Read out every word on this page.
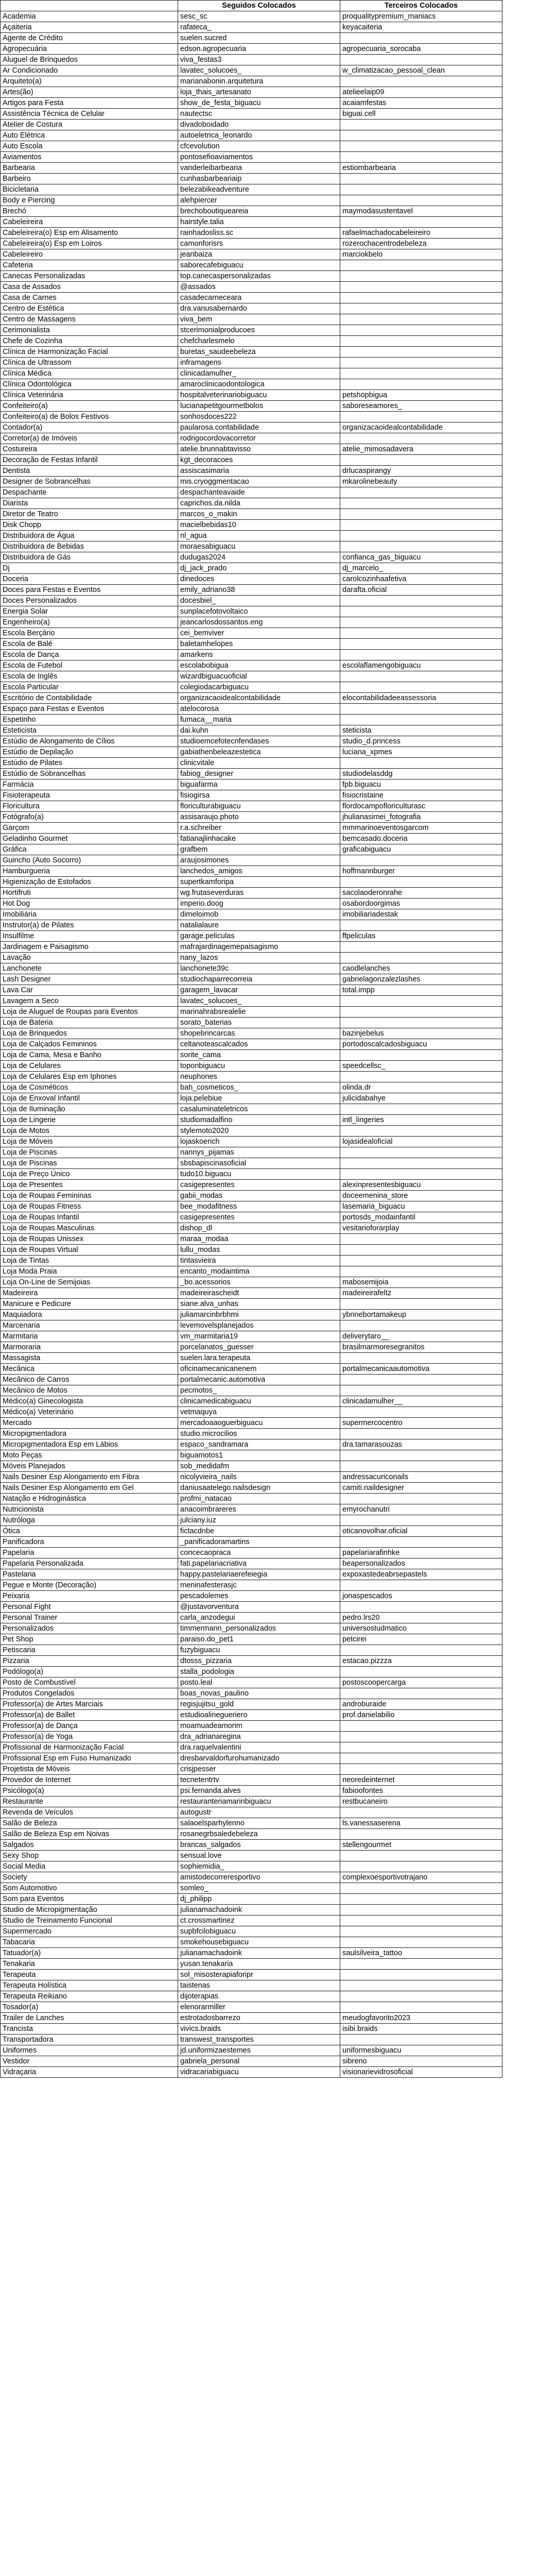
	Seguidos Colocados	Terceiros Colocados
Academia	sesc_sc	proqualitypremium_maniacs
Açaiteria	rafateca_	keyacaiteria
Agente de Crédito	suelen.sucred	
Agropecuária	edson.agropecuaria	agropecuaria_sorocaba
Aluguel de Brinquedos	viva_festas3	
Ar Condicionado	lavatec_solucoes_	w_climatizacao_pessoal_clean
Arquiteto(a)	marianabonin.arquitetura	
Artes(ão)	loja_thais_artesanato	atelieelaip09
Artigos para Festa	show_de_festa_biguacu	acaiamfestas
Assistência Técnica de Celular	nautectsc	biguai.cell
Atelier de Costura	divadoboidado	
Auto Elétrica	autoeletrica_leonardo	
Auto Escola	cfcevolution	
Aviamentos	pontosefioaviamentos	
Barbearia	vanderleibarbearia	estiombarbearia
Barbeiro	cunhasbarbeariaip	
Bicicletaria	belezabikeadventure	
Body e Piercing	alehpiercer	
Brechó	brechoboutiqueareia	maymodasustentavel
Cabeleireira	hairstyle.talia	
Cabeleireira(o) Esp em Alisamento	rainhadosliss.sc	rafaelmachadocabeleireiro
Cabeleireira(o) Esp em Loiros	camonforisrs	rozerochacentrodebeleza
Cabeleireiro	jeanbaiza	marciokbelo
Cafeteria	saborecafebiguacu	
Canecas Personalizadas	top.canecaspersonalizadas	
Casa de Assados	@assados	
Casa de Carnes	casadecarneceara	
Centro de Estética	dra.vanusabernardo	
Centro de Massagens	viva_bem	
Cerimonialista	stcerimonialproducoes	
Chefe de Cozinha	chefcharlesmelo	
Clínica de Harmonização Facial	buretas_saudeebeleza	
Clínica de Ultrassom	inframagens	
Clínica Médica	clinicadamulher_	
Clínica Odontológica	amaroclinicaodontologica	
Clínica Veterinária	hospitalveterinariobiguacu	petshopbigua
Confeiteiro(a)	lucianapetitgourmetbolos	saboreseamores_
Confeiteiro(a) de Bolos Festivos	sonhosdoces222	
Contador(a)	paularosa.contabilidade	organizacaoidealcontabilidade
Corretor(a) de Imóveis	rodrigocordovacorretor	
Costureira	atelie.brunnabtavisso	atelie_mimosadavera
Decoração de Festas Infantil	kgt_decoracoes	
Dentista	assiscasimaria	drlucaspirangy
Designer de Sobrancelhas	mis.cryoggmentacao	mkarolinebeauty
Despachante	despachanteavaide	
Diarista	caprichos.da.nilda	
Diretor de Teatro	marcos_o_makin	
Disk Chopp	macielbebidas10	
Distribuidora de Água	nl_agua	
Distribuidora de Bebidas	moraesabiguacu	
Distribuidora de Gás	dudugas2024	confianca_gas_biguacu
Dj	dj_jack_prado	dj_marcelo_
Doceria	dinedoces	carolcozinhaafetiva
Doces para Festas e Eventos	emily_adriano38	darafta.oficial
Doces Personalizados	docesbiel_	
Energia Solar	sunplacefotovoltaico	
Engenheiro(a)	jeancarlosdossantos.eng	
Escola Berçário	cei_bemviver	
Escola de Balé	baletamhelopes	
Escola de Dança	amarkens	
Escola de Futebol	escolabobigua	escolaflamengobiguacu
Escola de Inglês	wizardbiguacuoficial	
Escola Particular	colegiodacarbiguacu	
Escritório de Contabilidade	organizacaoidealcontabilidade	elocontabilidadeeassessoria
Espaço para Festas e Eventos	atelocorosa	
Espetinho	fumaca__maria	
Esteticista	dai.kuhn	steticista
Estúdio de Alongamento de Cílios	studioemcefotecnfendases	studio_d.princess
Estúdio de Depilação	gabiathenbeleazestetica	luciana_xpmes
Estúdio de Pilates	clinicvitale	
Estúdio de Sobrancelhas	fabiog_designer	studiodelasddg
Farmácia	biguafarma	fpb.biguacu
Fisioterapeuta	fisiogirsa	fisiocristaine
Floricultura	floriculturabiguacu	flordocampofloriculturasc
Fotógrafo(a)	assisaraujo.photo	jhulianasimei_fotografia
Garçom	r.a.schreiber	mmmarinoeventosgarcom
Geladinho Gourmet	fatianajlinhacake	bemcasado.doceria
Gráfica	grafbem	graficabiguacu
Guincho (Auto Socorro)	araujosimones	
Hamburgueria	lanchedos_amigos	hoffmannburger
Higienização de Estofados	supertkamforipa	
Hortifruti	wg.frutaseverduras	sacolaoderonrahe
Hot Dog	imperio.doog	osabordoorgimas
Imobiliária	dimeloimob	imobiliariadestak
Instrutor(a) de Pilates	natalialaure	
Insulfilme	garage.peliculas	ffpeliculas
Jardinagem e Paisagismo	mafrajardinagemepaisagismo	
Lavação	nany_lazos	
Lanchonete	lanchonete39c	caodlelanches
Lash Designer	studiochaparrecorreia	gabrielagonzalezlashes
Lava Car	garagem_lavacar	total.impp
Lavagem a Seco	lavatec_solucoes_	
Loja de Aluguel de Roupas para Eventos	marinahrabsrealelie	
Loja de Bateria	sorato_baterias	
Loja de Brinquedos	shopebrincarcas	bazinjebelus
Loja de Calçados Femininos	celtanoteascalcados	portodoscalcadosbiguacu
Loja de Cama, Mesa e Banho	sorite_cama	
Loja de Celulares	toponbiguacu	speedcellsc_
Loja de Celulares Esp em Iphones	neuphones	
Loja de Cosméticos	bah_cosmeticos_	olinda.dr
Loja de Enxoval Infantil	loja.pelebiue	julicidabahye
Loja de Iluminação	casaluminateletricos	
Loja de Lingerie	studiomadalfino	intl_lingeries
Loja de Motos	stylemoto2020	
Loja de Móveis	lojaskoerich	lojasidealoficial
Loja de Piscinas	nannys_pijamas	
Loja de Piscinas	sbsbapiscinasoficial	
Loja de Preço Único	tudo10.biguacu	
Loja de Presentes	casigepresentes	alexinpresentesbiguacu
Loja de Roupas Femininas	gabii_modas	doceemenina_store
Loja de Roupas Fitness	bee_modafitness	lasemaria_biguacu
Loja de Roupas Infantil	casigepresentes	portosds_modainfantil
Loja de Roupas Masculinas	dishop_dl	vesitarioforarplay
Loja de Roupas Unissex	maraa_modaa	
Loja de Roupas Virtual	lullu_modas	
Loja de Tintas	tintasvieira	
Loja Moda Praia	encanto_modaintima	
Loja On-Line de Semijoias	_bo.acessorios	mabosemijoia
Madeireira	madeireirascheidt	madeireirafeltz
Manicure e Pedicure	siane.alva_unhas	
Maquiadora	juliamarcinbrbhmi	ybnnebortamakeup
Marcenaria	levemovelsplanejados	
Marmitaria	vm_marmitaria19	deliverytaro__
Marmoraria	porcelanatos_guesser	brasilmarmoresegranitos
Massagista	suelen.lara.terapeuta	
Mecânica	oficinamecanicanenem	portalmecanicaautomotiva
Mecânico de Carros	portalmecanic.automotiva	
Mecânico de Motos	pecmotos_	
Médico(a) Ginecologista	clinicamedicabiguacu	clinicadamulher__
Médico(a) Veterinário	vetmaquya	
Mercado	mercadoaaoguerbiguacu	supermercocentro
Micropigmentadora	studio.microcilios	
Micropigmentadora Esp em Lábios	espaco_sandramara	dra.tamarasouzas
Moto Peças	biguamotos1	
Móveis Planejados	sob_medidafm	
Nails Desiner Esp Alongamento em Fibra	nicolyvieira_nails	andressacuriconails
Nails Desiner Esp Alongamento em Gel	daniusaatelego.nailsdesign	camiti.naildesigner
Natação e Hidroginástica	profmi_natacao	
Nutricionista	anacoimbrareres	emyrochanutri
Nutróloga	julciany.iuz	
Ótica	fictacdnbe	oticanovolhar.oficial
Panificadora	_panificadoramartins	
Papelaria	concecaopraca	papelariarafinhke
Papelaria Personalizada	fati.papelariacriativa	beapersonalizados
Pastelaria	happy.pastelariaerefeiegia	expoxastedeabrsepastels
Pegue e Monte (Decoração)	meninafesterasjc	
Peixaria	pescadolemes	jonaspescados
Personal Fight	@justavorventura	
Personal Trainer	carla_anzodegui	pedro.lrs20
Personalizados	timmermann_personalizados	universostudmatico
Pet Shop	paraiso.do_pet1	petcirei
Petiscaria	fuzybiguacu	
Pizzaria	dtosss_pizzaria	estacao.pizzza
Podólogo(a)	stalla_podologia	
Posto de Combustível	posto.leal	postoscoopercarga
Produtos Congelados	boas_novas_paulino	
Professor(a) de Artes Marciais	regisjujitsu_gold	androburaide
Professor(a) de Ballet	estudioalinegueriero	prof.danielabilio
Professor(a) de Dança	moamuadeamorim	
Professor(a) de Yoga	dra_adrianaregina	
Profissional de Harmonização Facial	dra.raquelvalentini	
Profissional Esp em Fuso Humanizado	dresbarvaldorfurohumanizado	
Projetista de Móveis	crisjpesser	
Provedor de Internet	tecnetentrtv	neoredeinternet
Psicólogo(a)	psi.fernanda.alves	fabioofontes
Restaurante	restauranteriamarinbiguacu	restbucaneiro
Revenda de Veículos	autogustr	
Salão de Beleza	salaoelsparhylenno	ls.vanessaserena
Salão de Beleza Esp em Noivas	rosanegrbsaledebeleza	
Salgados	brancas_salgados	stellengourmet
Sexy Shop	sensual.love	
Social Media	sophiemidia_	
Society	amistodecorreresportivo	complexoesportivotrajano
Som Automotivo	somleo_	
Som para Eventos	dj_philipp	
Studio de Micropigmentação	julianamachadoink	
Studio de Treinamento Funcional	ct.crossmartinez	
Supermercado	supbfcilobiguacu	
Tabacaria	smokehousebiguacu	
Tatuador(a)	julianamachadoink	saulsilveira_tattoo
Tenakaria	yusan.tenakaria	
Terapeuta	sol_misosterapiaforipr	
Terapeuta Holística	taistenas	
Terapeuta Reikiano	dijoterapias	
Tosador(a)	elenorarmiller	
Trailer de Lanches	estrotadosbarrezo	meudogfavorito2023
Trancista	vivics.braids	isibi.braids
Transportadora	transwest_transportes	
Uniformes	jd.uniformizaestemes	uniformesbiguacu
Vestidor	gabriela_personal	sibreno
Vidraçaria	vidracariabiguacu	visionarievidrosoficial
